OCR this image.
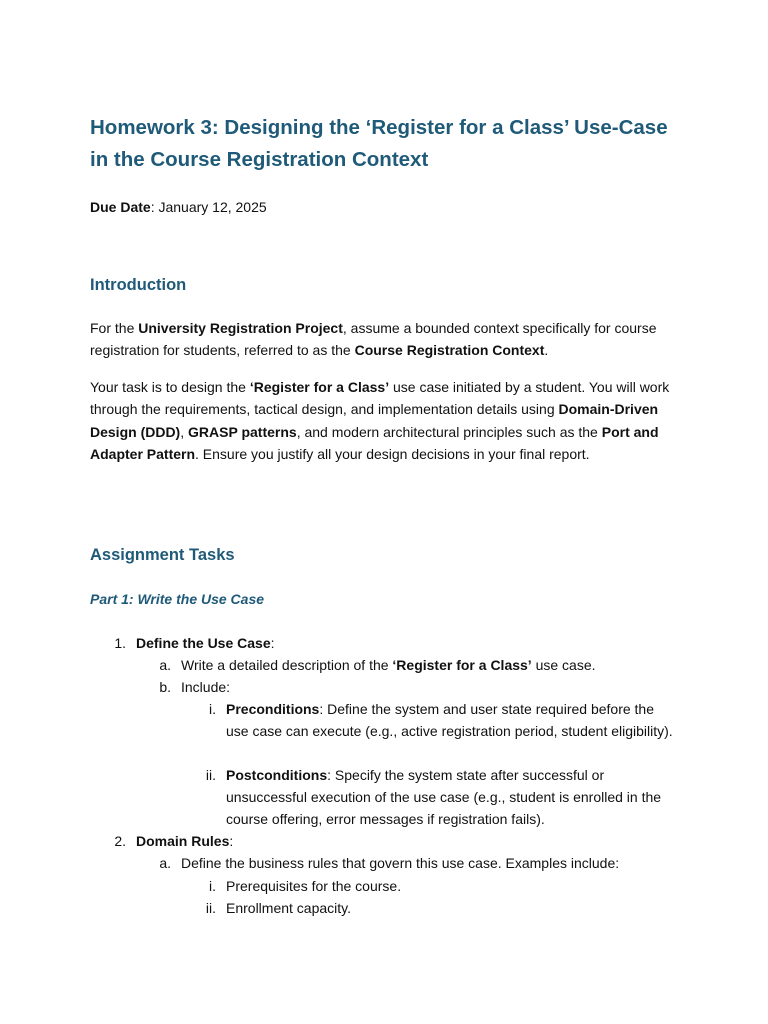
Homework 3: Designing the ‘Register for a Class’ Use-Case in the Course Registration Context
Due Date: January 12, 2025
Introduction

For the University Registration Project, assume a bounded context specifically for course registration for students, referred to as the Course Registration Context.

Your task is to design the ‘Register for a Class’ use case initiated by a student. You will work through the requirements, tactical design, and implementation details using Domain-Driven Design (DDD), GRASP patterns, and modern architectural principles such as the Port and Adapter Pattern. Ensure you justify all your design decisions in your final report.

Assignment Tasks
Part 1: Write the Use Case
1. Define the Use Case:
a. Write a detailed description of the ‘Register for a Class’ use case.
b. Include:
i. Preconditions: Define the system and user state required before the use case can execute (e.g., active registration period, student eligibility).
ii. Postconditions: Specify the system state after successful or unsuccessful execution of the use case (e.g., student is enrolled in the course offering, error messages if registration fails).
2. Domain Rules:
a. Define the business rules that govern this use case. Examples include:
i. Prerequisites for the course.
ii. Enrollment capacity.
